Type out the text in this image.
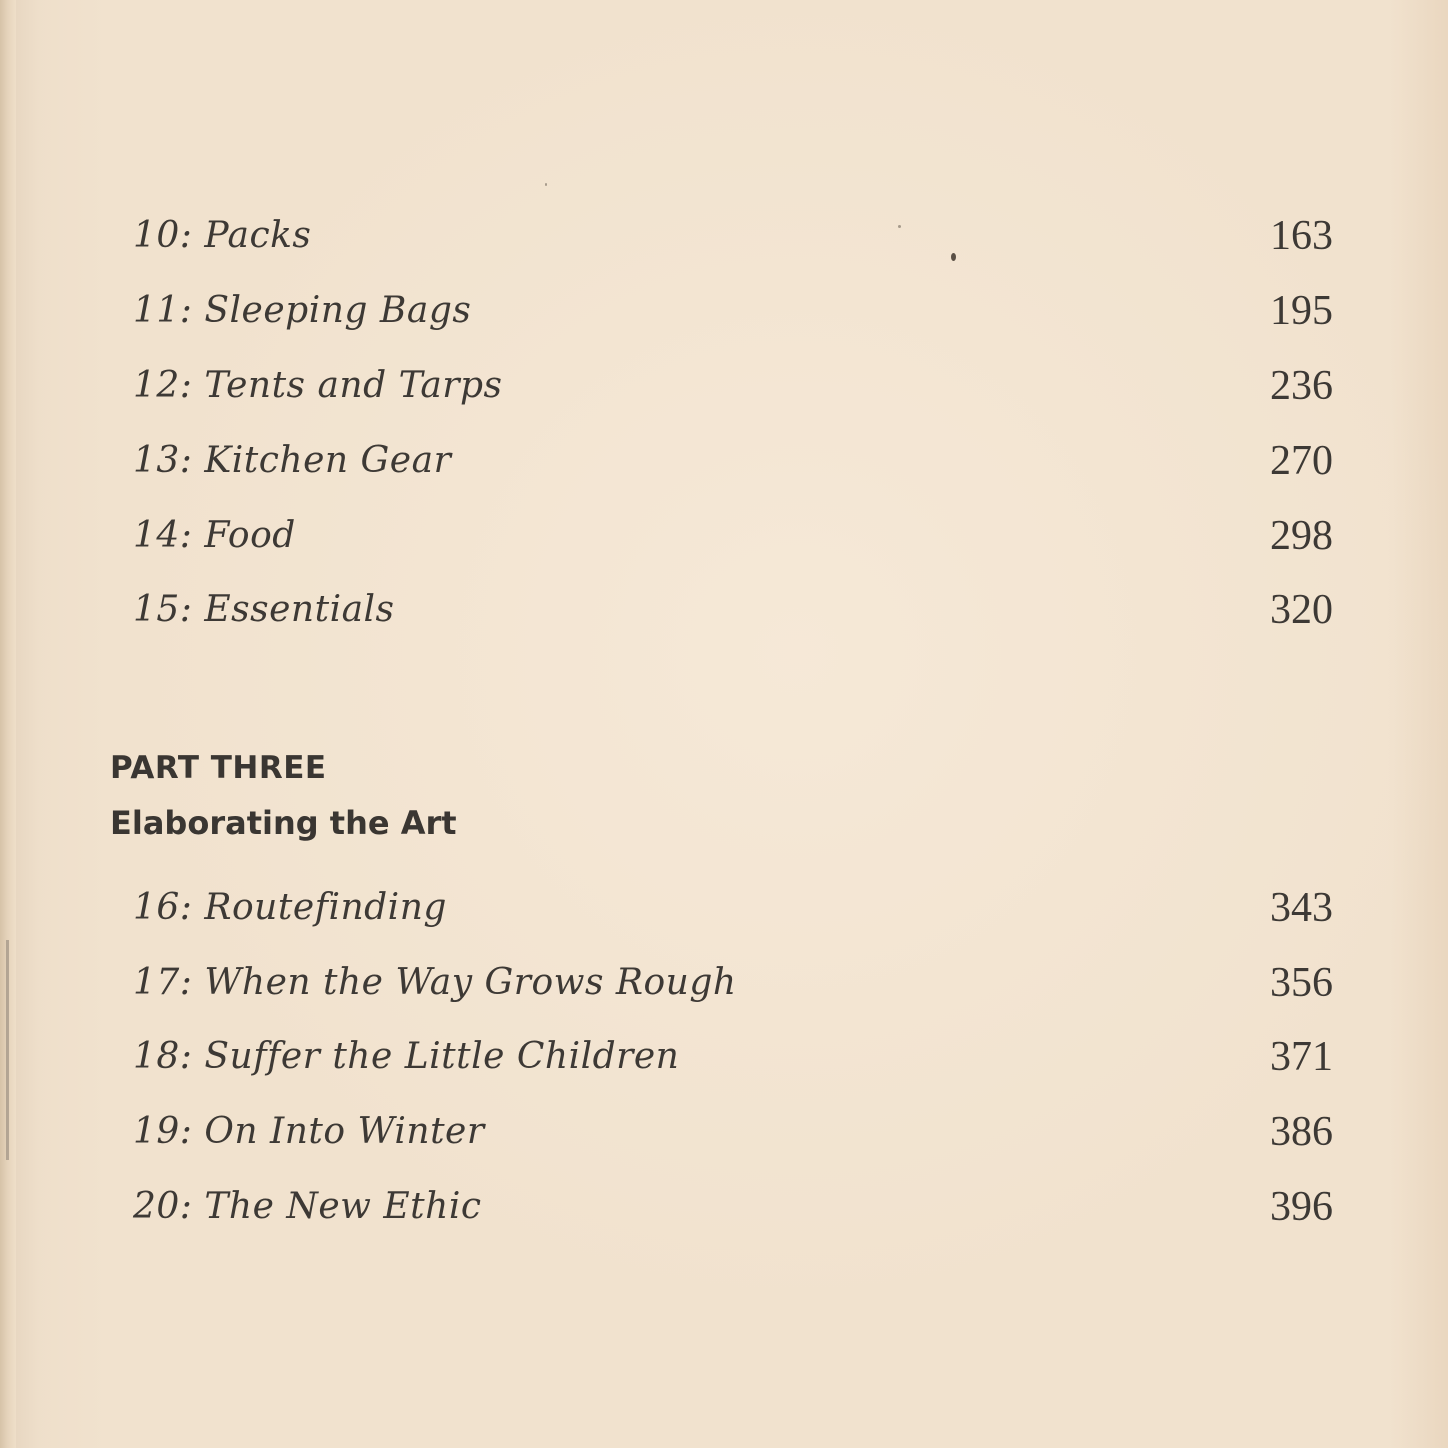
10: Packs	163
11: Sleeping Bags	195
12: Tents and Tarps	236
13: Kitchen Gear	270
14: Food	298
15: Essentials	320
PART THREE
Elaborating the Art
16: Routefinding	343
17: When the Way Grows Rough	356
18: Suffer the Little Children	371
19: On Into Winter	386
20: The New Ethic	396
